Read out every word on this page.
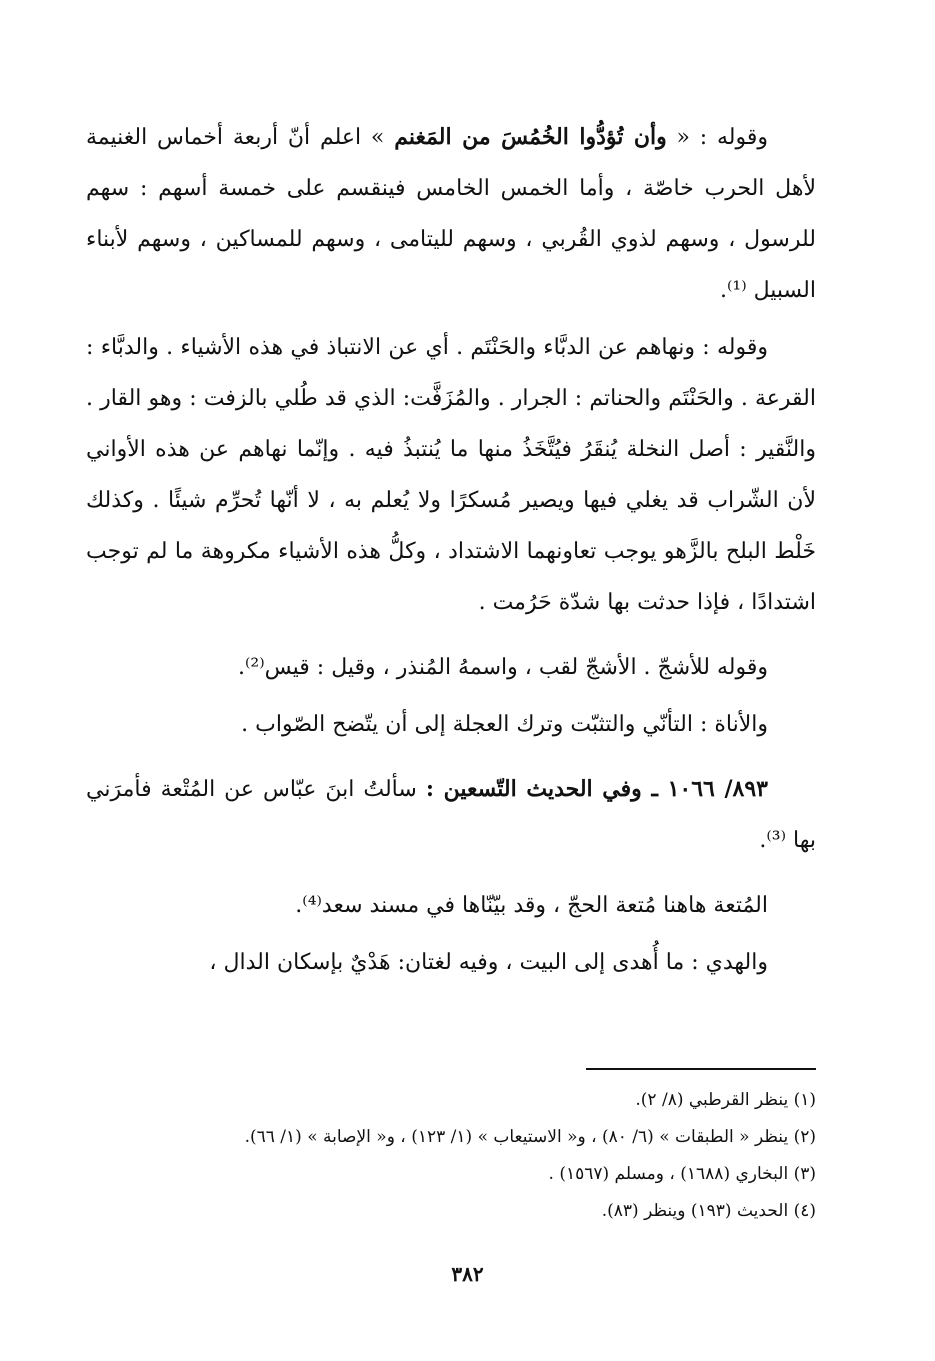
وقوله : « وأن تُؤدُّوا الخُمُسَ من المَغنم » اعلم أنّ أربعة أخماس الغنيمة لأهل الحرب خاصّة ، وأما الخمس الخامس فينقسم على خمسة أسهم : سهم للرسول ، وسهم لذوي القُربي ، وسهم لليتامى ، وسهم للمساكين ، وسهم لأبناء السبيل ⁽¹⁾.

وقوله : ونهاهم عن الدبَّاء والحَنْتَم . أي عن الانتباذ في هذه الأشياء . والدبَّاء : القرعة . والحَنْتَم والحناتم : الجرار . والمُزَفَّت: الذي قد طُلي بالزفت : وهو القار . والنَّقير : أصل النخلة يُنقَرُ فيُتَّخَذُ منها ما يُنتبذُ فيه . وإنّما نهاهم عن هذه الأواني لأن الشّراب قد يغلي فيها ويصير مُسكرًا ولا يُعلم به ، لا أنّها تُحرِّم شيئًا . وكذلك خَلْط البلح بالزَّهو يوجب تعاونهما الاشتداد ، وكلُّ هذه الأشياء مكروهة ما لم توجب اشتدادًا ، فإذا حدثت بها شدّة حَرُمت .

وقوله للأشجّ . الأشجّ لقب ، واسمهُ المُنذر ، وقيل : قيس⁽²⁾.

والأناة : التأنّي والتثبّت وترك العجلة إلى أن يتّضح الصّواب .

٨٩٣/ ١٠٦٦ ـ وفي الحديث التّسعين : سألتُ ابنَ عبّاس عن المُتْعة فأمرَني بها ⁽³⁾.

المُتعة هاهنا مُتعة الحجّ ، وقد بيّنّاها في مسند سعد⁽⁴⁾.

والهدي : ما أُهدى إلى البيت ، وفيه لغتان: هَدْيٌ بإسكان الدال ،

(١) ينظر القرطبي (٨/ ٢).

(٢) ينظر « الطبقات » (٦/ ٨٠) ، و« الاستيعاب » (١/ ١٢٣) ، و« الإصابة » (١/ ٦٦).

(٣) البخاري (١٦٨٨) ، ومسلم (١٥٦٧) .

(٤) الحديث (١٩٣) وينظر (٨٣).

٣٨٢
